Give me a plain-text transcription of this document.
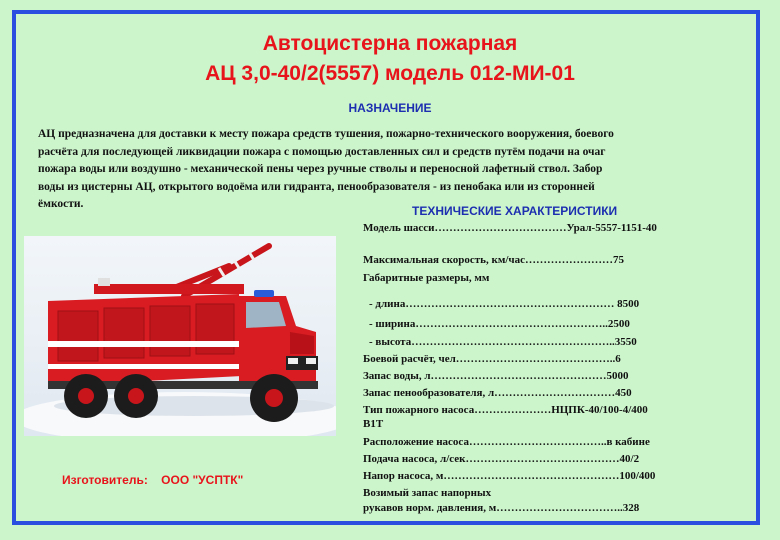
Автоцистерна пожарная
АЦ 3,0-40/2(5557) модель 012-МИ-01
НАЗНАЧЕНИЕ
АЦ предназначена для доставки к месту пожара средств тушения, пожарно-технического вооружения, боевого
расчёта для последующей ликвидации пожара с помощью доставленных сил и средств путём подачи на очаг
пожара воды или воздушно - механической пены через ручные стволы и переносной лафетный ствол. Забор
воды из цистерны АЦ, открытого водоёма или гидранта, пенообразователя - из пенобака или из сторонней
ёмкости.	ТЕХНИЧЕСКИЕ ХАРАКТЕРИСТИКИ
Модель шасси………………………………Урал-5557-1151-40
Максимальная скорость, км/час……………………75
Габаритные размеры, мм
- длина………………………………………………… 8500
- ширина……………………………………………..2500
- высота………………………………………………..3550
Боевой расчёт, чел……………………………………..6
Запас воды, л…………………………………………5000
Запас пенообразователя, л……………………………450
Тип пожарного насоса…………………НЦПК-40/100-4/400
В1Т
Расположение насоса………………………………..в кабине
Подача насоса, л/сек……………………………………40/2
Напор насоса, м…………………………………………100/400
Возимый запас напорных
рукавов норм. давления, м……………………………..328
Изготовитель: ООО "УСПТК"
